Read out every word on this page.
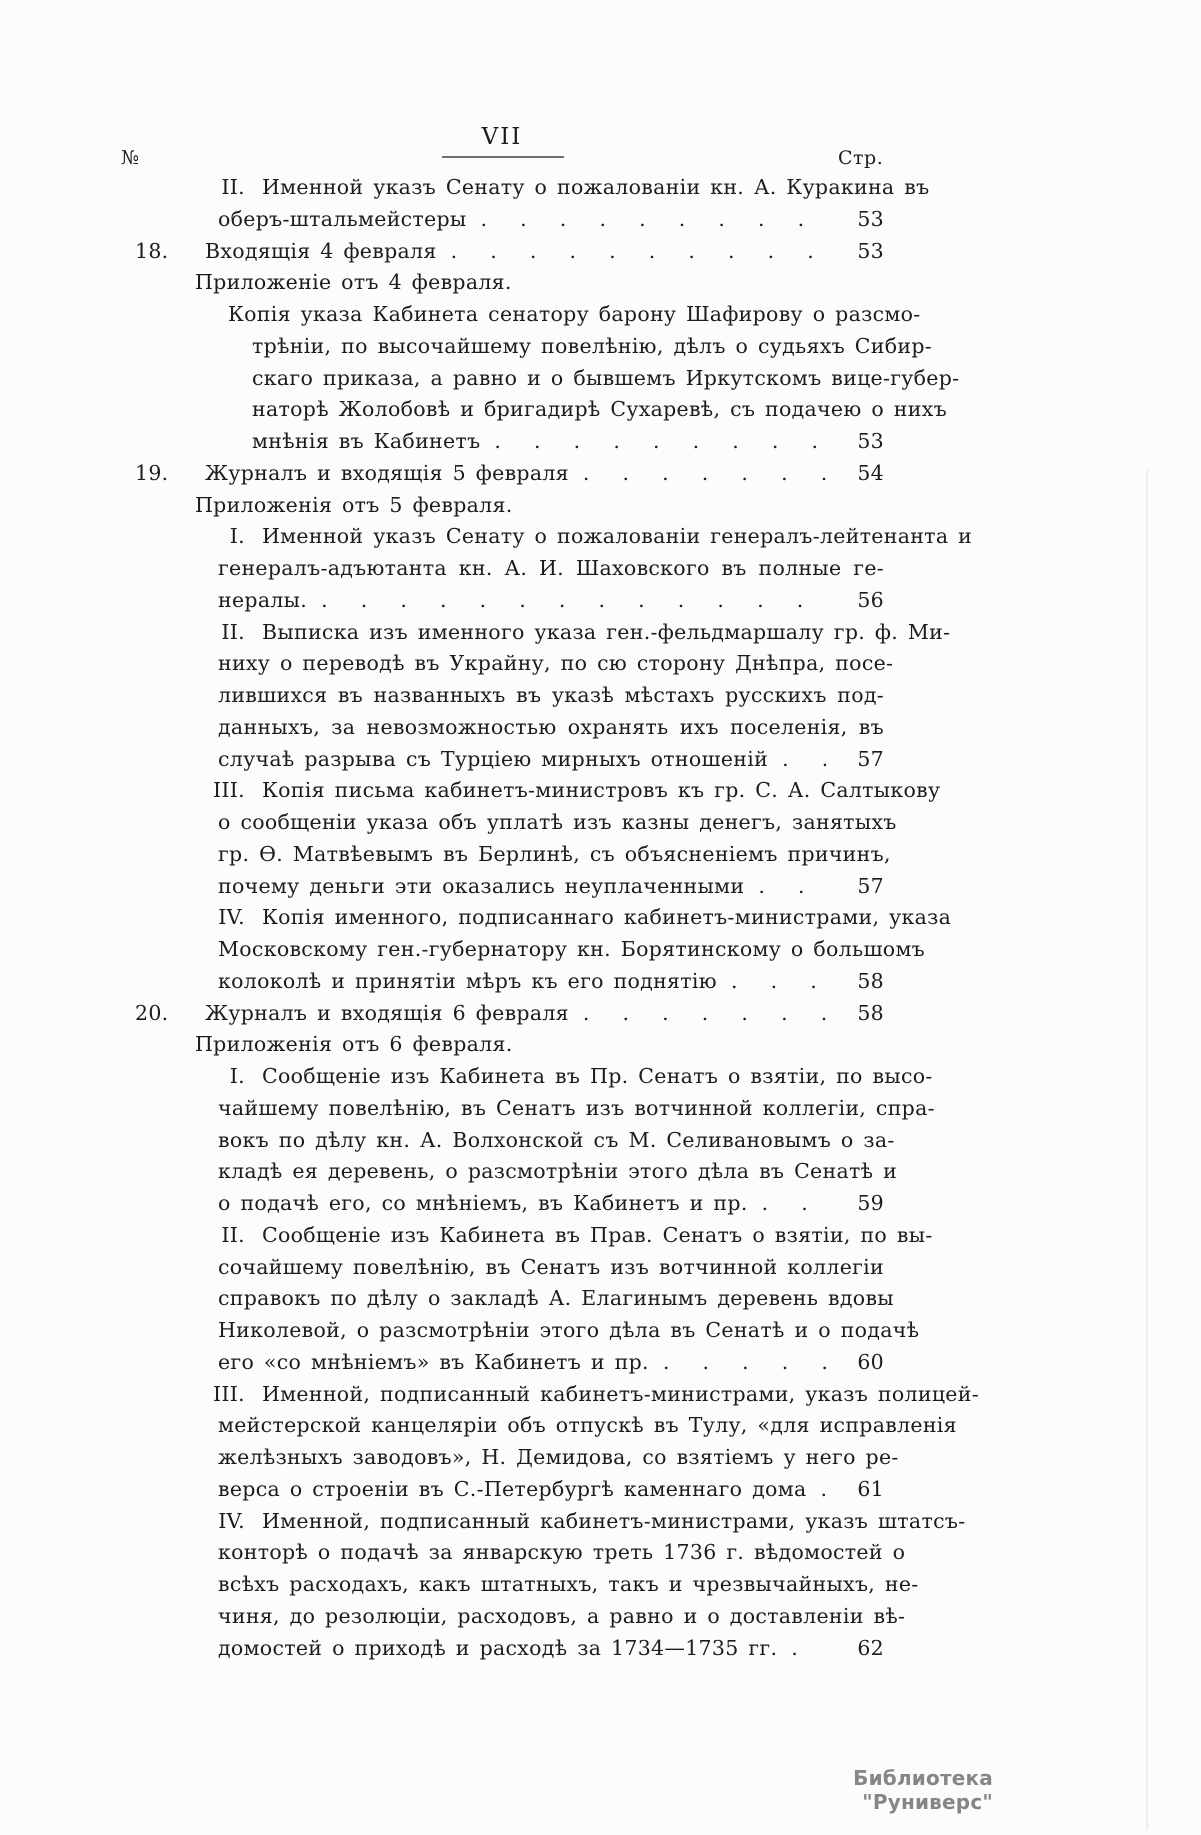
VII
№	Стр.
II. Именной указъ Сенату о пожалованіи кн. А. Куракина въ
оберъ-штальмейстеры . . .	53
18.	Входящія 4 февраля . . .	53
Приложеніе отъ 4 февраля.
Копія указа Кабинета сенатору барону Шафирову о разсмо-
трѣніи, по высочайшему повелѣнію, дѣлъ о судьяхъ Сибир-
скаго приказа, а равно и о бывшемъ Иркутскомъ вице-губер-
наторѣ Жолобовѣ и бригадирѣ Сухаревѣ, съ подачею о нихъ
мнѣнія въ Кабинетъ . . .	53
19.	Журналъ и входящія 5 февраля . . .	54
Приложенія отъ 5 февраля.
I. Именной указъ Сенату о пожалованіи генералъ-лейтенанта и
генералъ-адъютанта кн. А. И. Шаховского въ полные ге-
нералы. . . .	56
II. Выписка изъ именного указа ген.-фельдмаршалу гр. ф. Ми-
ниху о переводѣ въ Украйну, по сю сторону Днѣпра, посе-
лившихся въ названныхъ въ указѣ мѣстахъ русскихъ под-
данныхъ, за невозможностью охранять ихъ поселенія, въ
случаѣ разрыва съ Турціею мирныхъ отношеній . . .	57
III. Копія письма кабинетъ-министровъ къ гр. С. А. Салтыкову
о сообщеніи указа объ уплатѣ изъ казны денегъ, занятыхъ
гр. Ѳ. Матвѣевымъ въ Берлинѣ, съ объясненіемъ причинъ,
почему деньги эти оказались неуплаченными . . .	57
IV. Копія именного, подписаннаго кабинетъ-министрами, указа
Московскому ген.-губернатору кн. Борятинскому о большомъ
колоколѣ и принятіи мѣръ къ его поднятію . . .	58
20.	Журналъ и входящія 6 февраля . . .	58
Приложенія отъ 6 февраля.
I. Сообщеніе изъ Кабинета въ Пр. Сенатъ о взятіи, по высо-
чайшему повелѣнію, въ Сенатъ изъ вотчинной коллегіи, спра-
вокъ по дѣлу кн. А. Волхонской съ М. Селивановымъ о за-
кладѣ ея деревень, о разсмотрѣніи этого дѣла въ Сенатѣ и
о подачѣ его, со мнѣніемъ, въ Кабинетъ и пр. . . .	59
II. Сообщеніе изъ Кабинета въ Прав. Сенатъ о взятіи, по вы-
сочайшему повелѣнію, въ Сенатъ изъ вотчинной коллегіи
справокъ по дѣлу о закладѣ А. Елагинымъ деревень вдовы
Николевой, о разсмотрѣніи этого дѣла въ Сенатѣ и о подачѣ
его «со мнѣніемъ» въ Кабинетъ и пр. . . .	60
III. Именной, подписанный кабинетъ-министрами, указъ полицей-
мейстерской канцеляріи объ отпускѣ въ Тулу, «для исправленія
желѣзныхъ заводовъ», Н. Демидова, со взятіемъ у него ре-
верса о строеніи въ С.-Петербургѣ каменнаго дома . . .	61
IV. Именной, подписанный кабинетъ-министрами, указъ штатсъ-
конторѣ о подачѣ за январскую треть 1736 г. вѣдомостей о
всѣхъ расходахъ, какъ штатныхъ, такъ и чрезвычайныхъ, не-
чиня, до резолюціи, расходовъ, а равно и о доставленіи вѣ-
домостей о приходѣ и расходѣ за 1734—1735 гг. . . .	62
Библиотека "Руниверс"
